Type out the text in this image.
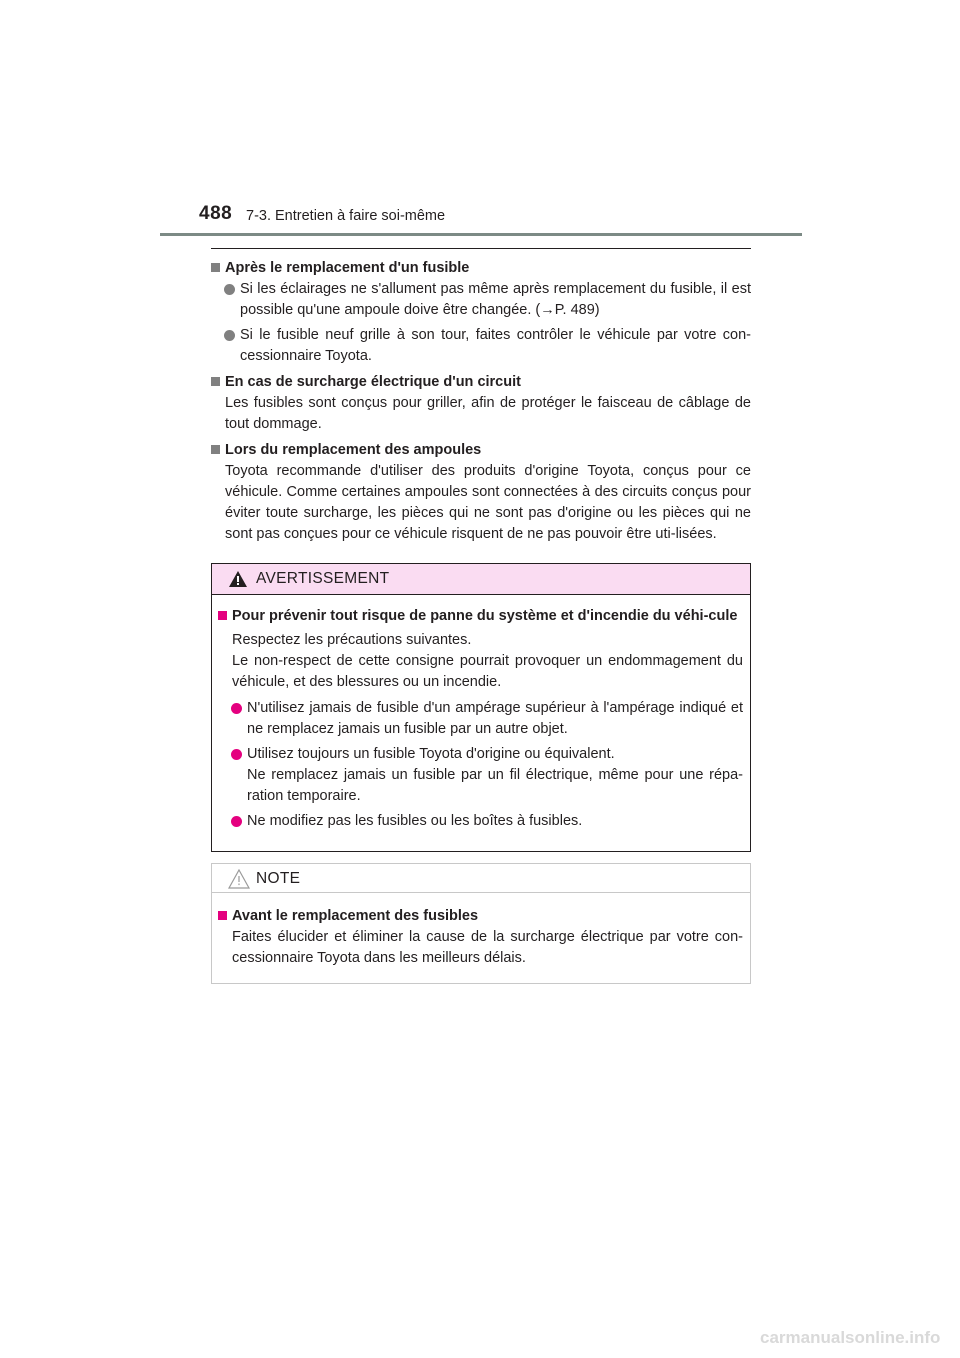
488 7-3. Entretien à faire soi-même
Après le remplacement d'un fusible
Si les éclairages ne s'allument pas même après remplacement du fusible, il est possible qu'une ampoule doive être changée. (→P. 489)
Si le fusible neuf grille à son tour, faites contrôler le véhicule par votre con-cessionnaire Toyota.
En cas de surcharge électrique d'un circuit
Les fusibles sont conçus pour griller, afin de protéger le faisceau de câblage de tout dommage.
Lors du remplacement des ampoules
Toyota recommande d'utiliser des produits d'origine Toyota, conçus pour ce véhicule. Comme certaines ampoules sont connectées à des circuits conçus pour éviter toute surcharge, les pièces qui ne sont pas d'origine ou les pièces qui ne sont pas conçues pour ce véhicule risquent de ne pas pouvoir être uti-lisées.
AVERTISSEMENT
Pour prévenir tout risque de panne du système et d'incendie du véhi-cule
Respectez les précautions suivantes.
Le non-respect de cette consigne pourrait provoquer un endommagement du véhicule, et des blessures ou un incendie.
N'utilisez jamais de fusible d'un ampérage supérieur à l'ampérage indiqué et ne remplacez jamais un fusible par un autre objet.
Utilisez toujours un fusible Toyota d'origine ou équivalent.
Ne remplacez jamais un fusible par un fil électrique, même pour une répa-ration temporaire.
Ne modifiez pas les fusibles ou les boîtes à fusibles.
NOTE
Avant le remplacement des fusibles
Faites élucider et éliminer la cause de la surcharge électrique par votre con-cessionnaire Toyota dans les meilleurs délais.
carmanualsonline.info
